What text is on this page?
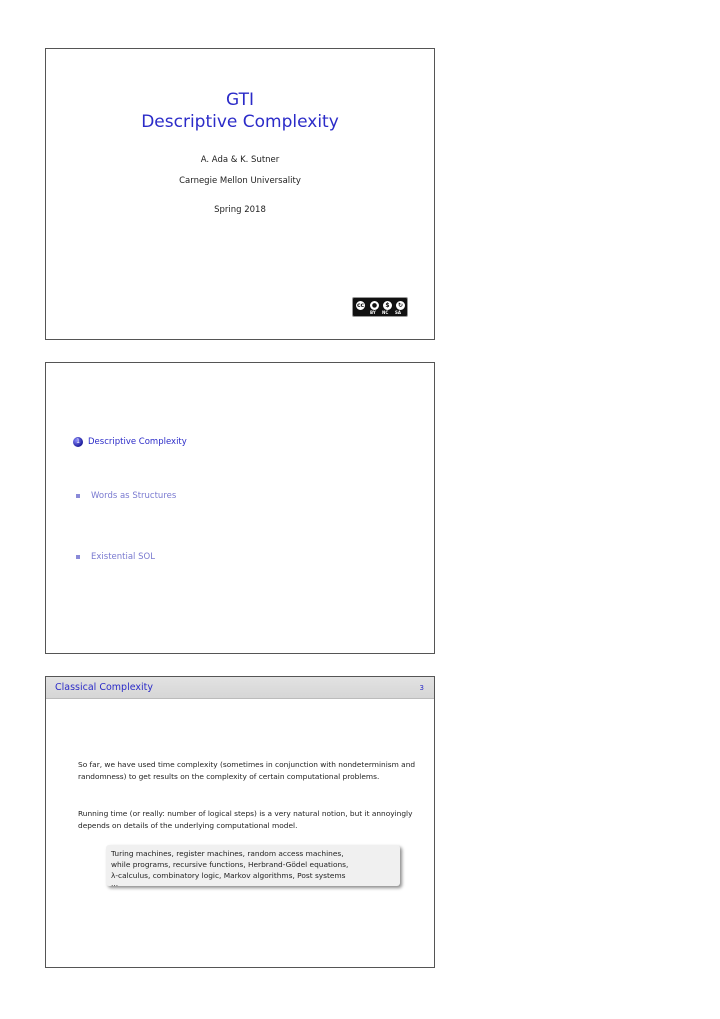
GTI
Descriptive Complexity
A. Ada & K. Sutner
Carnegie Mellon Universality
Spring 2018
cc	●	$	↻
BY NC SA
1 Descriptive Complexity
Words as Structures
Existential SOL
Classical Complexity	3
So far, we have used time complexity (sometimes in conjunction with nondeterminism and randomness) to get results on the complexity of certain computational problems.
Running time (or really: number of logical steps) is a very natural notion, but it annoyingly depends on details of the underlying computational model.
Turing machines, register machines, random access machines,
while programs, recursive functions, Herbrand-Gödel equations,
λ-calculus, combinatory logic, Markov algorithms, Post systems
...
